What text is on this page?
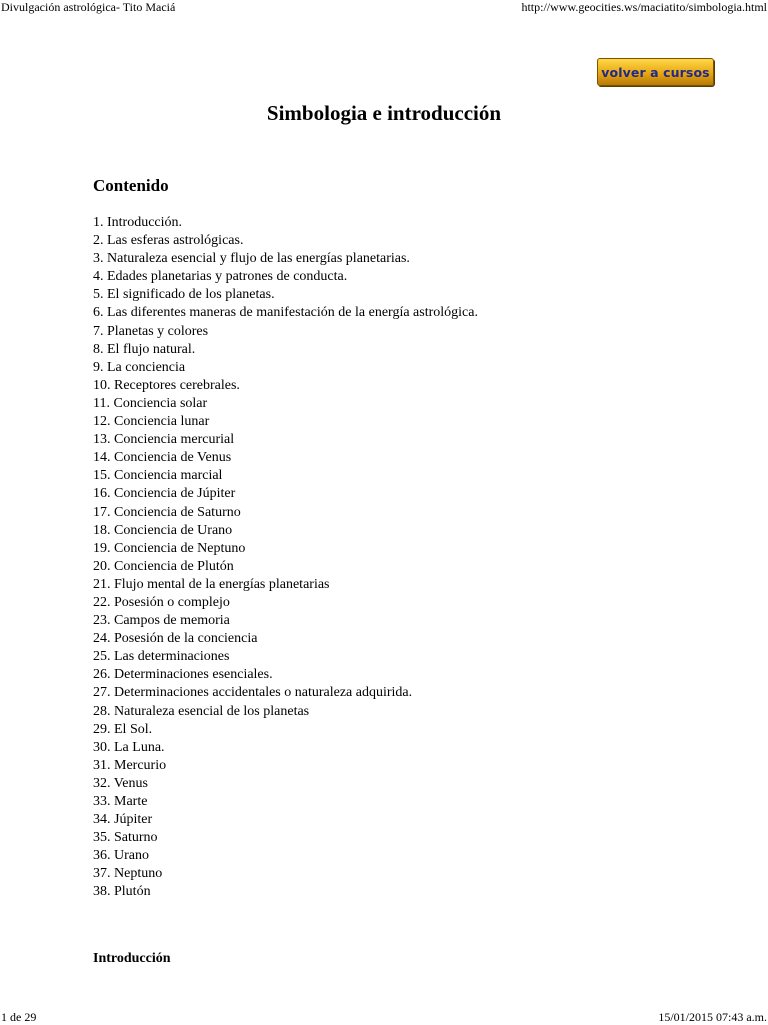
Divulgación astrológica- Tito Maciá	http://www.geocities.ws/maciatito/simbologia.html
volver a cursos
Simbologia e introducción
Contenido
1. Introducción.
2. Las esferas astrológicas.
3. Naturaleza esencial y flujo de las energías planetarias.
4. Edades planetarias y patrones de conducta.
5. El significado de los planetas.
6. Las diferentes maneras de manifestación de la energía astrológica.
7. Planetas y colores
8. El flujo natural.
9. La conciencia
10. Receptores cerebrales.
11. Conciencia solar
12. Conciencia lunar
13. Conciencia mercurial
14. Conciencia de Venus
15. Conciencia marcial
16. Conciencia de Júpiter
17. Conciencia de Saturno
18. Conciencia de Urano
19. Conciencia de Neptuno
20. Conciencia de Plutón
21. Flujo mental de la energías planetarias
22. Posesión o complejo
23. Campos de memoria
24. Posesión de la conciencia
25. Las determinaciones
26. Determinaciones esenciales.
27. Determinaciones accidentales o naturaleza adquirida.
28. Naturaleza esencial de los planetas
29. El Sol.
30. La Luna.
31. Mercurio
32. Venus
33. Marte
34. Júpiter
35. Saturno
36. Urano
37. Neptuno
38. Plutón
Introducción
1 de 29	15/01/2015 07:43 a.m.
